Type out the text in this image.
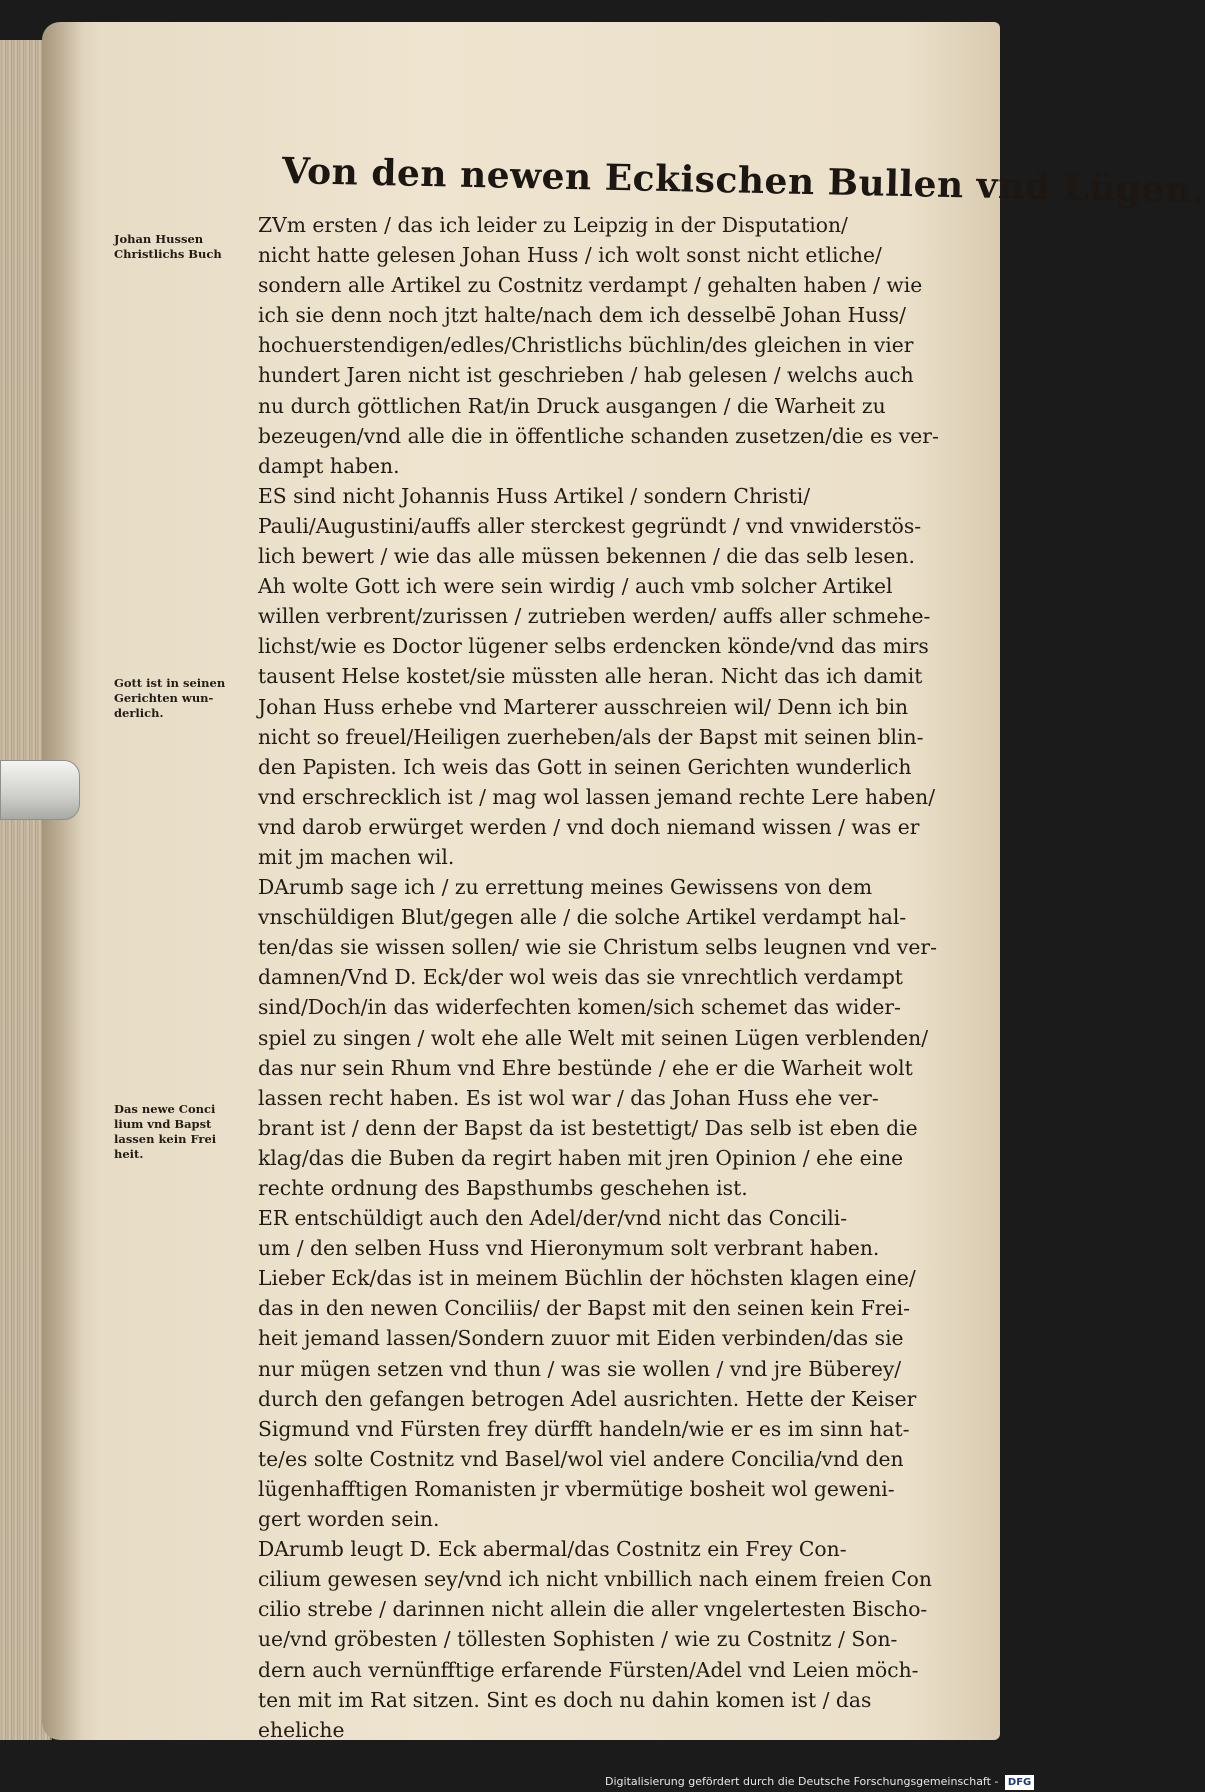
Von den newen Eckischen Bullen vnd Lügen.
Johan Hussen
Christlichs Buch
Gott ist in seinen
Gerichten wun-
derlich.
Das newe Conci
lium vnd Bapst
lassen kein Frei
heit.
ZVm ersten / das ich leider zu Leipzig in der Disputation/
nicht hatte gelesen Johan Huss / ich wolt sonst nicht etliche/
sondern alle Artikel zu Costnitz verdampt / gehalten haben / wie
ich sie denn noch jtzt halte/nach dem ich desselbē Johan Huss/
hochuerstendigen/edles/Christlichs büchlin/des gleichen in vier
hundert Jaren nicht ist geschrieben / hab gelesen / welchs auch
nu durch göttlichen Rat/in Druck ausgangen / die Warheit zu
bezeugen/vnd alle die in öffentliche schanden zusetzen/die es ver-
dampt haben.
ES sind nicht Johannis Huss Artikel / sondern Christi/
Pauli/Augustini/auffs aller sterckest gegründt / vnd vnwiderstös-
lich bewert / wie das alle müssen bekennen / die das selb lesen.
Ah wolte Gott ich were sein wirdig / auch vmb solcher Artikel
willen verbrent/zurissen / zutrieben werden/ auffs aller schmehe-
lichst/wie es Doctor lügener selbs erdencken könde/vnd das mirs
tausent Helse kostet/sie müssten alle heran. Nicht das ich damit
Johan Huss erhebe vnd Marterer ausschreien wil/ Denn ich bin
nicht so freuel/Heiligen zuerheben/als der Bapst mit seinen blin-
den Papisten. Ich weis das Gott in seinen Gerichten wunderlich
vnd erschrecklich ist / mag wol lassen jemand rechte Lere haben/
vnd darob erwürget werden / vnd doch niemand wissen / was er
mit jm machen wil.
DArumb sage ich / zu errettung meines Gewissens von dem
vnschüldigen Blut/gegen alle / die solche Artikel verdampt hal-
ten/das sie wissen sollen/ wie sie Christum selbs leugnen vnd ver-
damnen/Vnd D. Eck/der wol weis das sie vnrechtlich verdampt
sind/Doch/in das widerfechten komen/sich schemet das wider-
spiel zu singen / wolt ehe alle Welt mit seinen Lügen verblenden/
das nur sein Rhum vnd Ehre bestünde / ehe er die Warheit wolt
lassen recht haben. Es ist wol war / das Johan Huss ehe ver-
brant ist / denn der Bapst da ist bestettigt/ Das selb ist eben die
klag/das die Buben da regirt haben mit jren Opinion / ehe eine
rechte ordnung des Bapsthumbs geschehen ist.
ER entschüldigt auch den Adel/der/vnd nicht das Concili-
um / den selben Huss vnd Hieronymum solt verbrant haben.
Lieber Eck/das ist in meinem Büchlin der höchsten klagen eine/
das in den newen Conciliis/ der Bapst mit den seinen kein Frei-
heit jemand lassen/Sondern zuuor mit Eiden verbinden/das sie
nur mügen setzen vnd thun / was sie wollen / vnd jre Büberey/
durch den gefangen betrogen Adel ausrichten. Hette der Keiser
Sigmund vnd Fürsten frey dürfft handeln/wie er es im sinn hat-
te/es solte Costnitz vnd Basel/wol viel andere Concilia/vnd den
lügenhafftigen Romanisten jr vbermütige bosheit wol geweni-
gert worden sein.
DArumb leugt D. Eck abermal/das Costnitz ein Frey Con-
cilium gewesen sey/vnd ich nicht vnbillich nach einem freien Con
cilio strebe / darinnen nicht allein die aller vngelertesten Bischo-
ue/vnd gröbesten / töllesten Sophisten / wie zu Costnitz / Son-
dern auch vernünfftige erfarende Fürsten/Adel vnd Leien möch-
ten mit im Rat sitzen. Sint es doch nu dahin komen ist / das
eheliche
Digitalisierung gefördert durch die Deutsche Forschungsgemeinschaft - DFG
